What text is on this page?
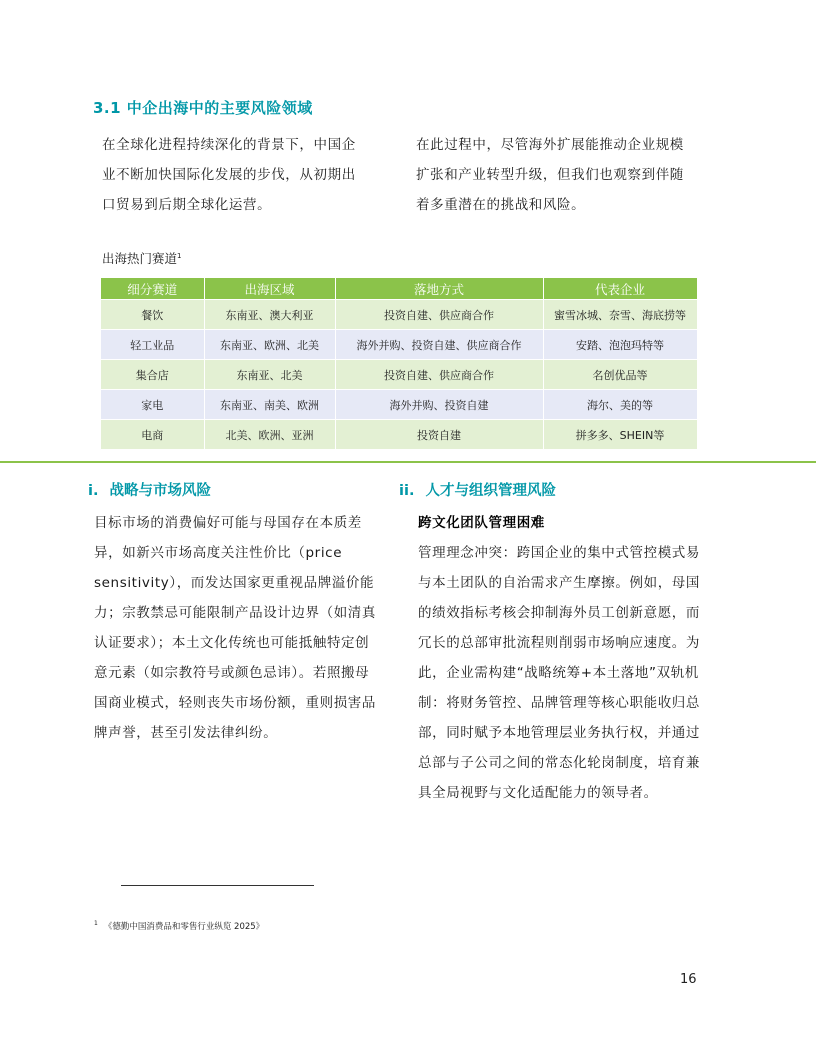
3.1 中企出海中的主要风险领域
在全球化进程持续深化的背景下，中国企业不断加快国际化发展的步伐，从初期出口贸易到后期全球化运营。
在此过程中，尽管海外扩展能推动企业规模扩张和产业转型升级，但我们也观察到伴随着多重潜在的挑战和风险。
出海热门赛道$^1$
细分赛道	出海区域	落地方式	代表企业
餐饮	东南亚、澳大利亚	投资自建、供应商合作	蜜雪冰城、奈雪、海底捞等
轻工业品	东南亚、欧洲、北美	海外并购、投资自建、供应商合作	安踏、泡泡玛特等
集合店	东南亚、北美	投资自建、供应商合作	名创优品等
家电	东南亚、南美、欧洲	海外并购、投资自建	海尔、美的等
电商	北美、欧洲、亚洲	投资自建	拼多多、SHEIN等
i. 战略与市场风险	ii. 人才与组织管理风险
目标市场的消费偏好可能与母国存在本质差异，如新兴市场高度关注性价比（price sensitivity），而发达国家更重视品牌溢价能力；宗教禁忌可能限制产品设计边界（如清真认证要求）；本土文化传统也可能抵触特定创意元素（如宗教符号或颜色忌讳）。若照搬母国商业模式，轻则丧失市场份额，重则损害品牌声誉，甚至引发法律纠纷。
跨文化团队管理困难
管理理念冲突：跨国企业的集中式管控模式易与本土团队的自治需求产生摩擦。例如，母国的绩效指标考核会抑制海外员工创新意愿，而冗长的总部审批流程则削弱市场响应速度。为此，企业需构建“战略统筹+本土落地”双轨机制：将财务管控、品牌管理等核心职能收归总部，同时赋予本地管理层业务执行权，并通过总部与子公司之间的常态化轮岗制度，培育兼具全局视野与文化适配能力的领导者。
$^1$ 《德勤中国消费品和零售行业纵览 2025》
16
